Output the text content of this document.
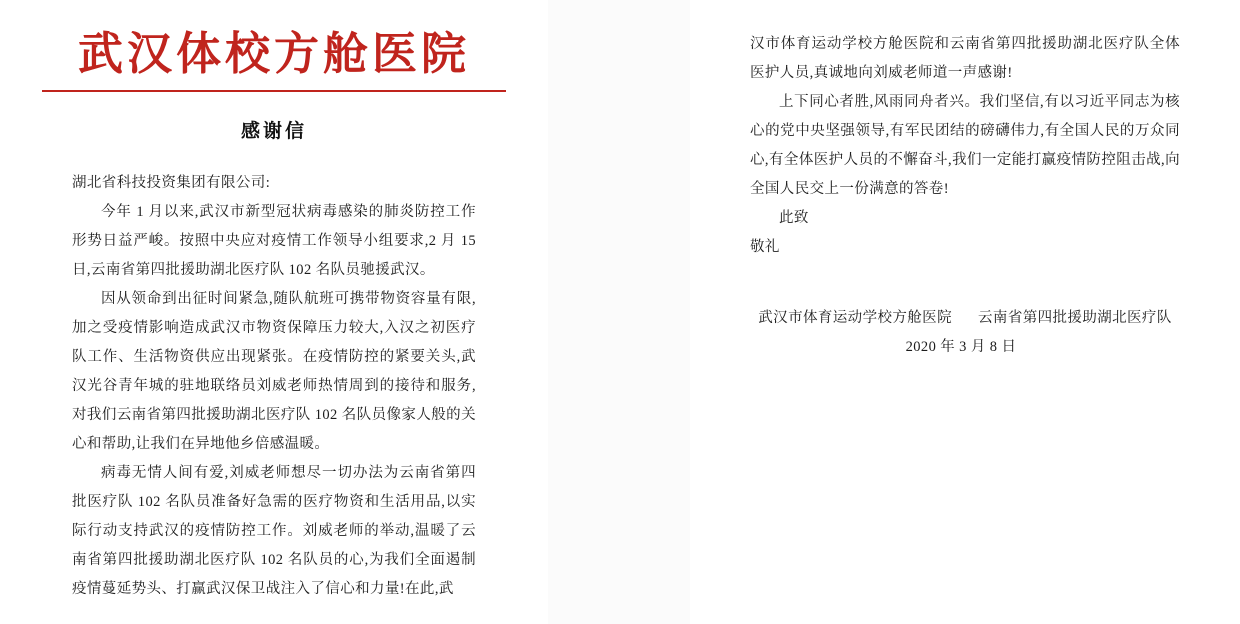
武汉体校方舱医院
感谢信

湖北省科技投资集团有限公司:

今年 1 月以来,武汉市新型冠状病毒感染的肺炎防控工作形势日益严峻。按照中央应对疫情工作领导小组要求,2 月 15 日,云南省第四批援助湖北医疗队 102 名队员驰援武汉。

因从领命到出征时间紧急,随队航班可携带物资容量有限,加之受疫情影响造成武汉市物资保障压力较大,入汉之初医疗队工作、生活物资供应出现紧张。在疫情防控的紧要关头,武汉光谷青年城的驻地联络员刘威老师热情周到的接待和服务,对我们云南省第四批援助湖北医疗队 102 名队员像家人般的关心和帮助,让我们在异地他乡倍感温暖。

病毒无情人间有爱,刘威老师想尽一切办法为云南省第四批医疗队 102 名队员准备好急需的医疗物资和生活用品,以实际行动支持武汉的疫情防控工作。刘威老师的举动,温暖了云南省第四批援助湖北医疗队 102 名队员的心,为我们全面遏制疫情蔓延势头、打赢武汉保卫战注入了信心和力量!在此,武

汉市体育运动学校方舱医院和云南省第四批援助湖北医疗队全体医护人员,真诚地向刘威老师道一声感谢!

上下同心者胜,风雨同舟者兴。我们坚信,有以习近平同志为核心的党中央坚强领导,有军民团结的磅礴伟力,有全国人民的万众同心,有全体医护人员的不懈奋斗,我们一定能打赢疫情防控阻击战,向全国人民交上一份满意的答卷!

此致

敬礼

武汉市体育运动学校方舱医院 云南省第四批援助湖北医疗队
2020 年 3 月 8 日
